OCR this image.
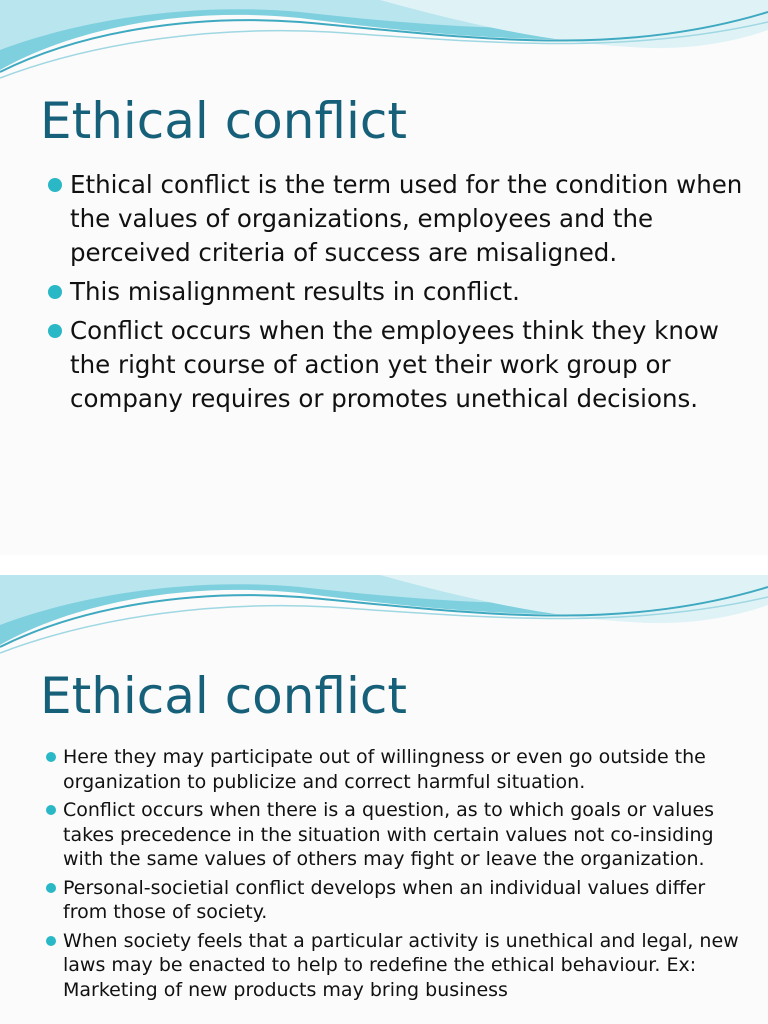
Ethical conflict
Ethical conflict is the term used for the condition when the values of organizations, employees and the perceived criteria of success are misaligned.
This misalignment results in conflict.
Conflict occurs when the employees think they know the right course of action yet their work group or company requires or promotes unethical decisions.
Ethical conflict
Here they may participate out of willingness or even go outside the organization to publicize and correct harmful situation.
Conflict occurs when there is a question, as to which goals or values takes precedence in the situation with certain values not co-insiding with the same values of others may fight or leave the organization.
Personal-societial conflict develops when an individual values differ from those of society.
When society feels that a particular activity is unethical and legal, new laws may be enacted to help to redefine the ethical behaviour. Ex: Marketing of new products may bring business
